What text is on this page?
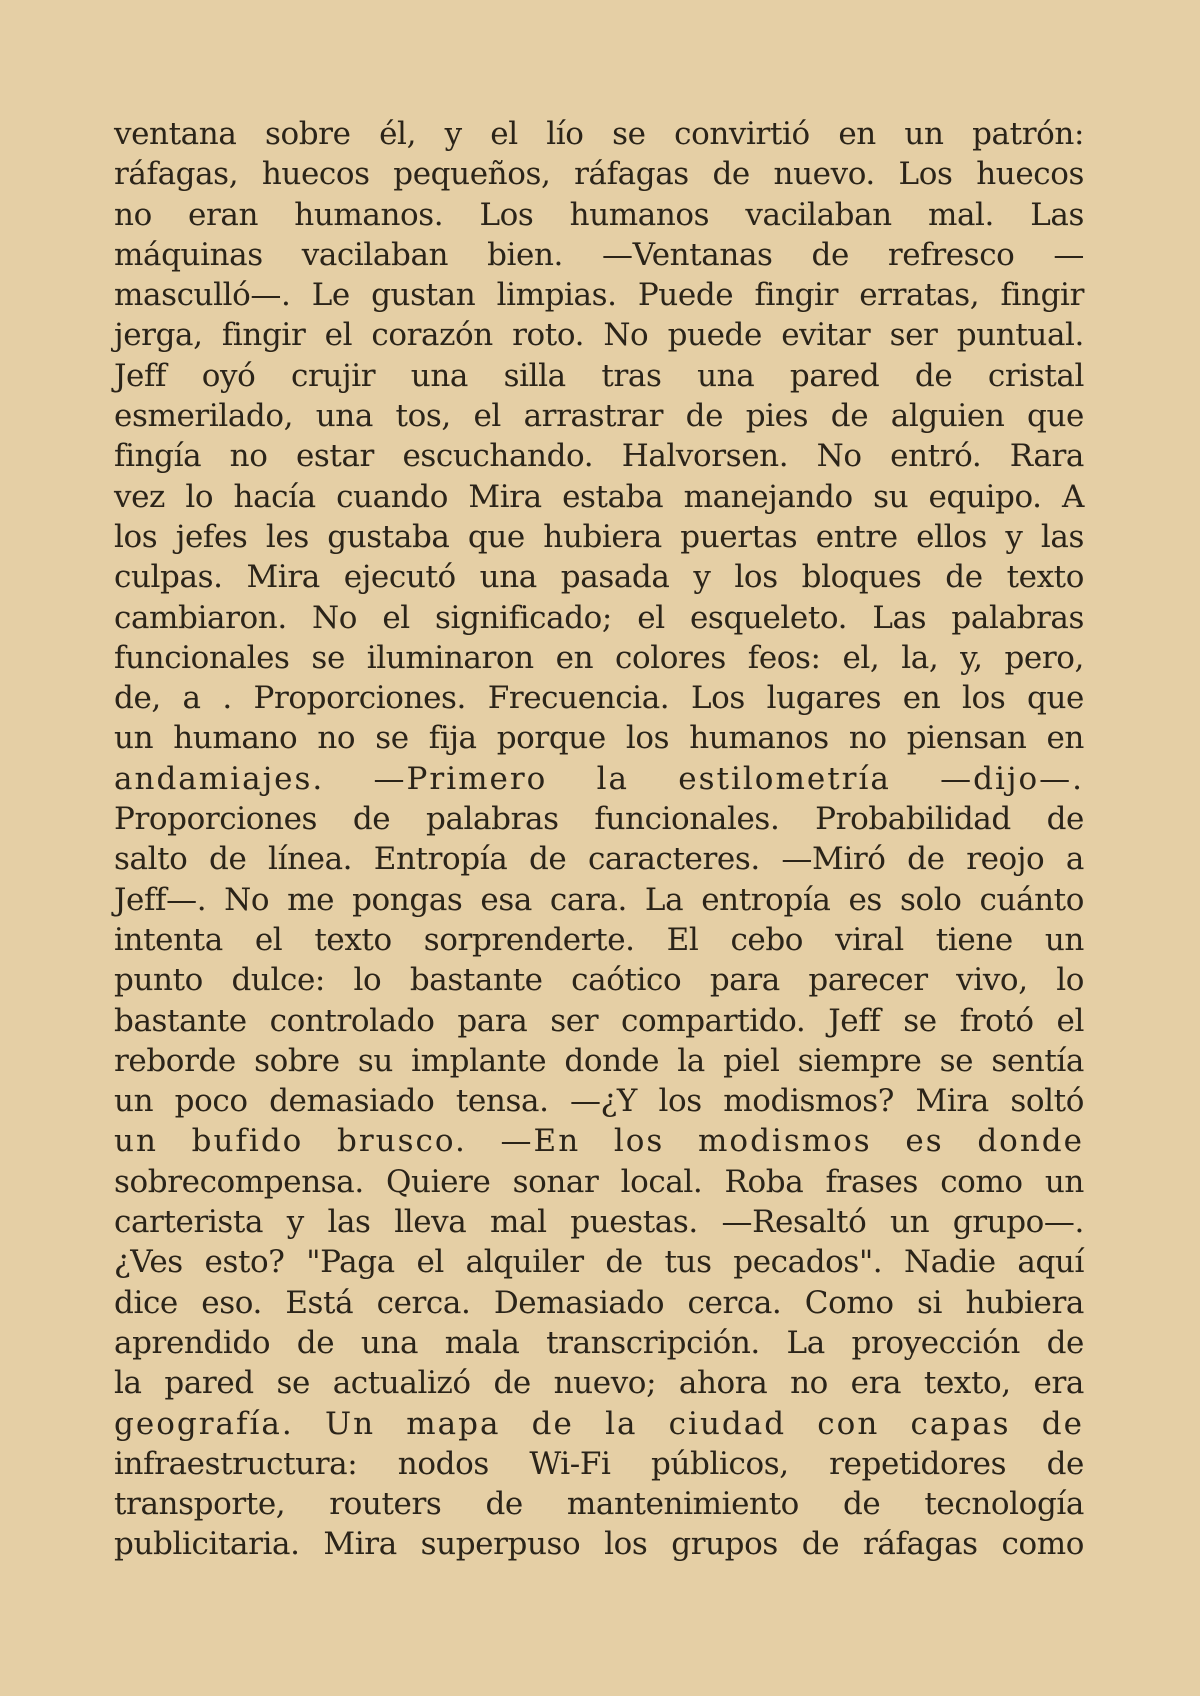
ventana sobre él, y el lío se convirtió en un patrón:
ráfagas, huecos pequeños, ráfagas de nuevo. Los huecos
no eran humanos. Los humanos vacilaban mal. Las
máquinas vacilaban bien. —Ventanas de refresco —
masculló—. Le gustan limpias. Puede fingir erratas, fingir
jerga, fingir el corazón roto. No puede evitar ser puntual.
Jeff oyó crujir una silla tras una pared de cristal
esmerilado, una tos, el arrastrar de pies de alguien que
fingía no estar escuchando. Halvorsen. No entró. Rara
vez lo hacía cuando Mira estaba manejando su equipo. A
los jefes les gustaba que hubiera puertas entre ellos y las
culpas. Mira ejecutó una pasada y los bloques de texto
cambiaron. No el significado; el esqueleto. Las palabras
funcionales se iluminaron en colores feos: el, la, y, pero,
de, a . Proporciones. Frecuencia. Los lugares en los que
un humano no se fija porque los humanos no piensan en
andamiajes. —Primero la estilometría —dijo—.
Proporciones de palabras funcionales. Probabilidad de
salto de línea. Entropía de caracteres. —Miró de reojo a
Jeff—. No me pongas esa cara. La entropía es solo cuánto
intenta el texto sorprenderte. El cebo viral tiene un
punto dulce: lo bastante caótico para parecer vivo, lo
bastante controlado para ser compartido. Jeff se frotó el
reborde sobre su implante donde la piel siempre se sentía
un poco demasiado tensa. —¿Y los modismos? Mira soltó
un bufido brusco. —En los modismos es donde
sobrecompensa. Quiere sonar local. Roba frases como un
carterista y las lleva mal puestas. —Resaltó un grupo—.
¿Ves esto? "Paga el alquiler de tus pecados". Nadie aquí
dice eso. Está cerca. Demasiado cerca. Como si hubiera
aprendido de una mala transcripción. La proyección de
la pared se actualizó de nuevo; ahora no era texto, era
geografía. Un mapa de la ciudad con capas de
infraestructura: nodos Wi-Fi públicos, repetidores de
transporte, routers de mantenimiento de tecnología
publicitaria. Mira superpuso los grupos de ráfagas como
